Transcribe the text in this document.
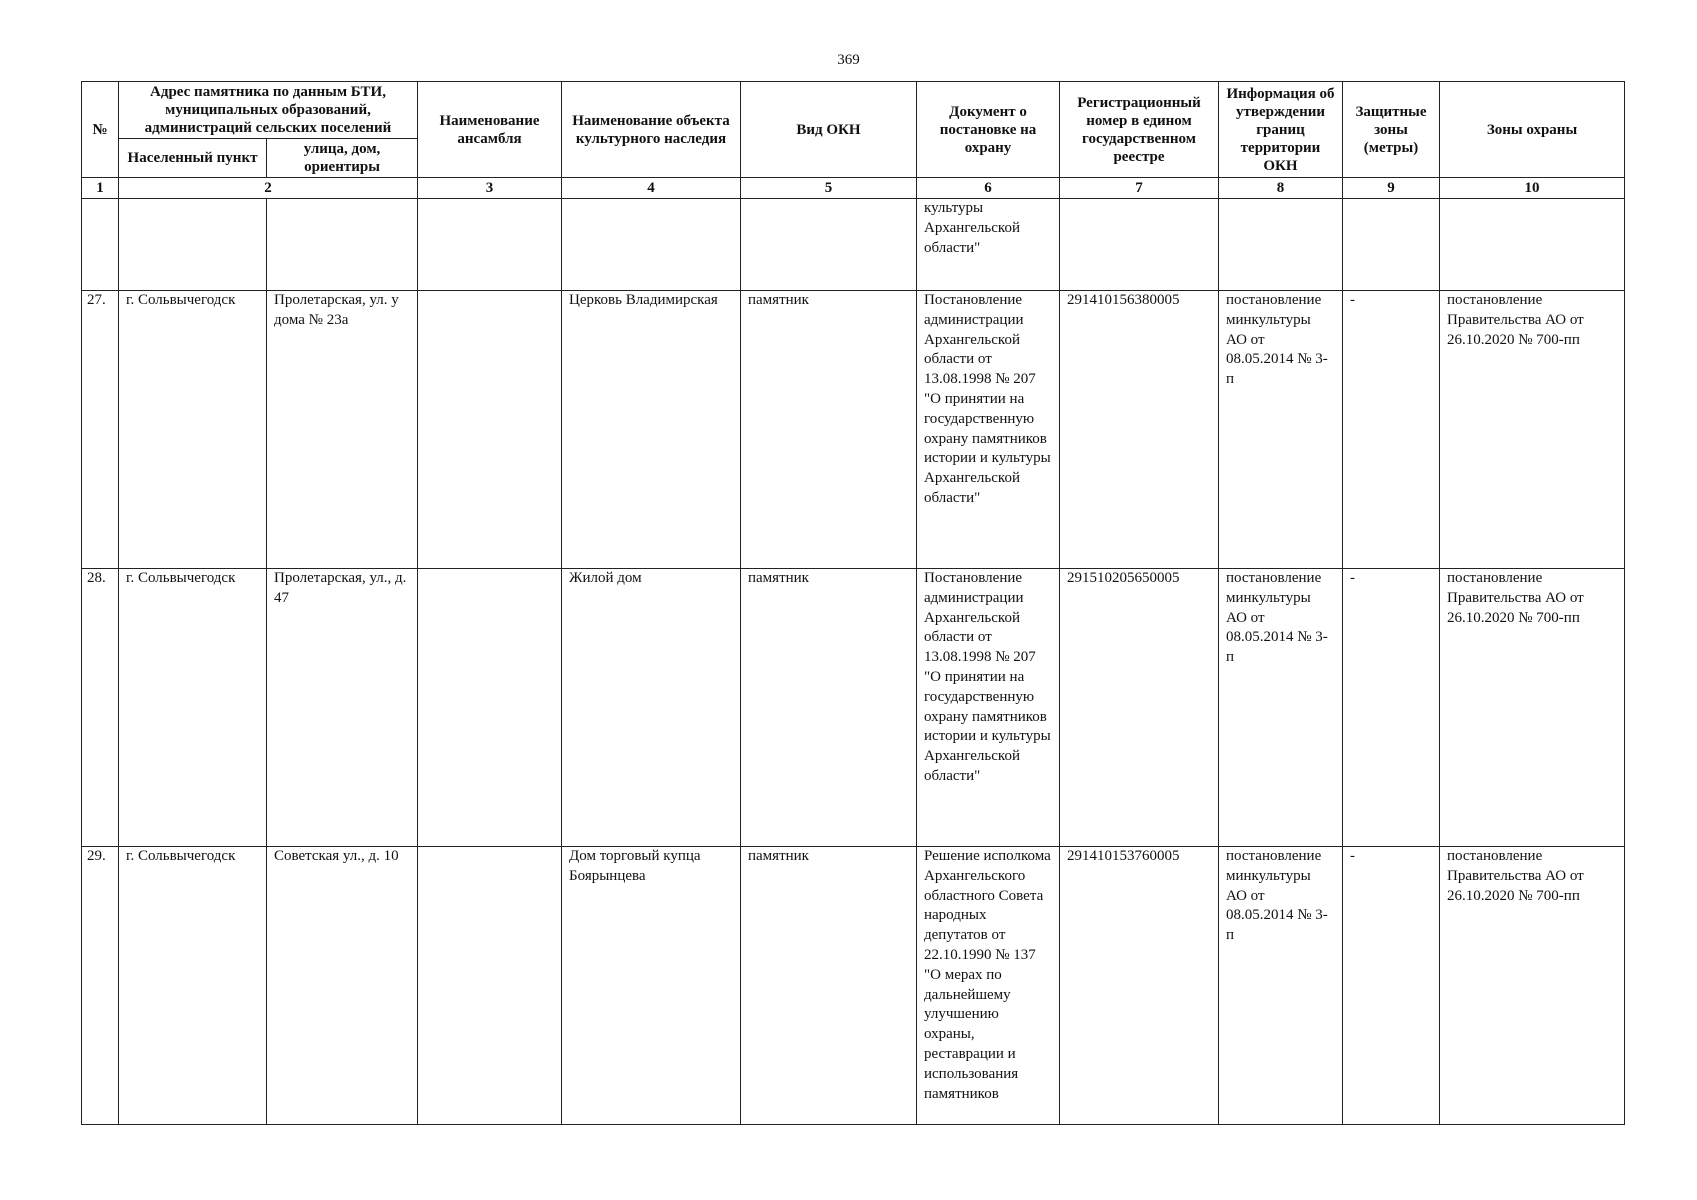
369
№	Адрес памятника по данным БТИ, муниципальных образований, администраций сельских поселений		Наименование ансамбля	Наименование объекта культурного наследия	Вид ОКН	Документ о постановке на охрану	Регистрационный номер в едином государственном реестре	Информация об утверждении границ территории ОКН	Защитные зоны (метры)	Зоны охраны
	Населенный пункт	улица, дом, ориентиры								
1	2		3	4	5	6	7	8	9	10
						культуры Архангельской области"				
27.	г. Сольвычегодск	Пролетарская, ул. у дома № 23а		Церковь Владимирская	памятник	Постановление администрации Архангельской области от 13.08.1998 № 207 "О принятии на государственную охрану памятников истории и культуры Архангельской области"	291410156380005	постановление минкультуры АО от 08.05.2014 № 3-п	-	постановление Правительства АО от 26.10.2020 № 700-пп
28.	г. Сольвычегодск	Пролетарская, ул., д. 47		Жилой дом	памятник	Постановление администрации Архангельской области от 13.08.1998 № 207 "О принятии на государственную охрану памятников истории и культуры Архангельской области"	291510205650005	постановление минкультуры АО от 08.05.2014 № 3-п	-	постановление Правительства АО от 26.10.2020 № 700-пп
29.	г. Сольвычегодск	Советская ул., д. 10		Дом торговый купца Боярынцева	памятник	Решение исполкома Архангельского областного Совета народных депутатов от 22.10.1990 № 137 "О мерах по дальнейшему улучшению охраны, реставрации и использования памятников	291410153760005	постановление минкультуры АО от 08.05.2014 № 3-п	-	постановление Правительства АО от 26.10.2020 № 700-пп
